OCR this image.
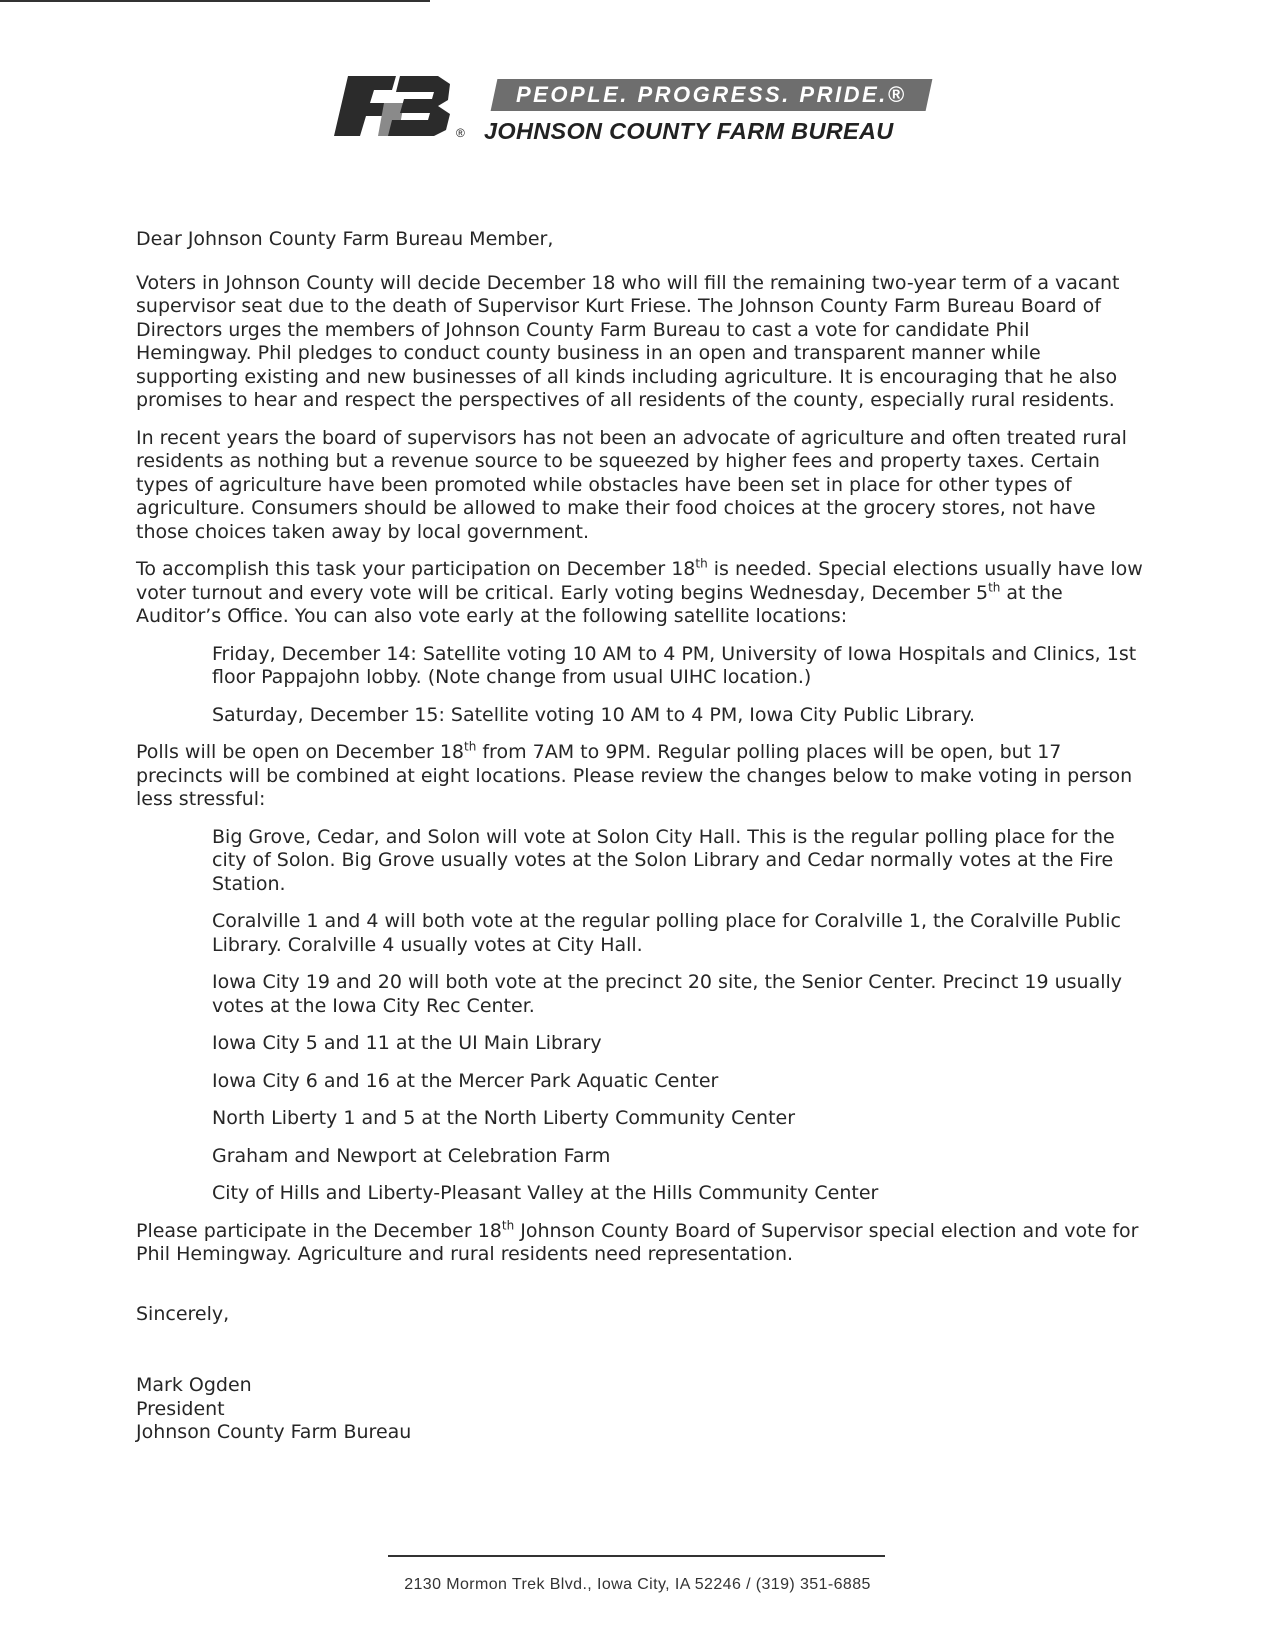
PEOPLE. PROGRESS. PRIDE.®
® JOHNSON COUNTY FARM BUREAU

Dear Johnson County Farm Bureau Member,

Voters in Johnson County will decide December 18 who will fill the remaining two-year term of a vacant supervisor seat due to the death of Supervisor Kurt Friese. The Johnson County Farm Bureau Board of Directors urges the members of Johnson County Farm Bureau to cast a vote for candidate Phil Hemingway. Phil pledges to conduct county business in an open and transparent manner while supporting existing and new businesses of all kinds including agriculture. It is encouraging that he also promises to hear and respect the perspectives of all residents of the county, especially rural residents.

In recent years the board of supervisors has not been an advocate of agriculture and often treated rural residents as nothing but a revenue source to be squeezed by higher fees and property taxes. Certain types of agriculture have been promoted while obstacles have been set in place for other types of agriculture. Consumers should be allowed to make their food choices at the grocery stores, not have those choices taken away by local government.

To accomplish this task your participation on December 18th is needed. Special elections usually have low voter turnout and every vote will be critical. Early voting begins Wednesday, December 5th at the Auditor’s Office. You can also vote early at the following satellite locations:

Friday, December 14: Satellite voting 10 AM to 4 PM, University of Iowa Hospitals and Clinics, 1st floor Pappajohn lobby. (Note change from usual UIHC location.)

Saturday, December 15: Satellite voting 10 AM to 4 PM, Iowa City Public Library.

Polls will be open on December 18th from 7AM to 9PM. Regular polling places will be open, but 17 precincts will be combined at eight locations. Please review the changes below to make voting in person less stressful:

Big Grove, Cedar, and Solon will vote at Solon City Hall. This is the regular polling place for the city of Solon. Big Grove usually votes at the Solon Library and Cedar normally votes at the Fire Station.

Coralville 1 and 4 will both vote at the regular polling place for Coralville 1, the Coralville Public Library. Coralville 4 usually votes at City Hall.

Iowa City 19 and 20 will both vote at the precinct 20 site, the Senior Center. Precinct 19 usually votes at the Iowa City Rec Center.

Iowa City 5 and 11 at the UI Main Library

Iowa City 6 and 16 at the Mercer Park Aquatic Center

North Liberty 1 and 5 at the North Liberty Community Center

Graham and Newport at Celebration Farm

City of Hills and Liberty-Pleasant Valley at the Hills Community Center

Please participate in the December 18th Johnson County Board of Supervisor special election and vote for Phil Hemingway. Agriculture and rural residents need representation.

Sincerely,

Mark Ogden
President
Johnson County Farm Bureau
2130 Mormon Trek Blvd., Iowa City, IA 52246 / (319) 351-6885
